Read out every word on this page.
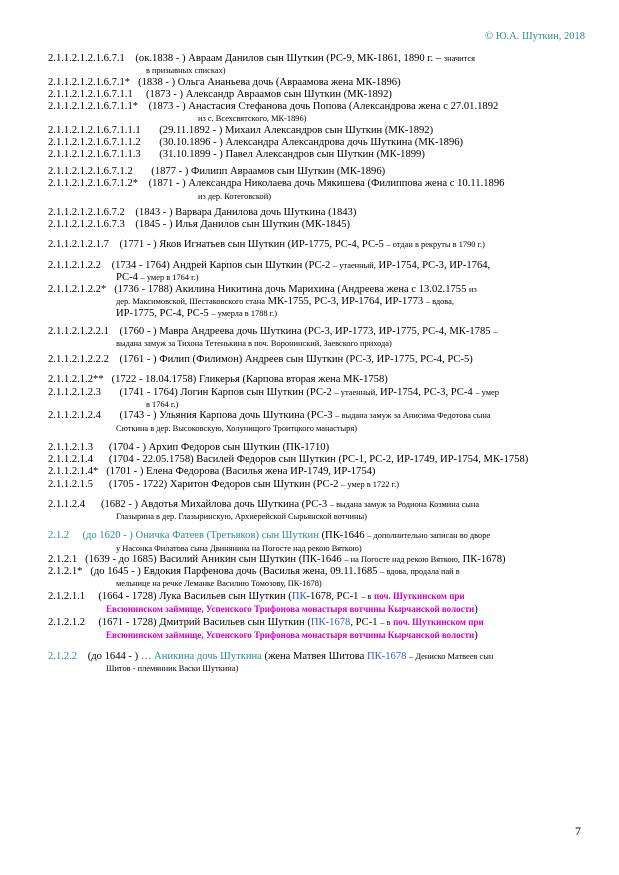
© Ю.А. Шуткин, 2018
2.1.1.2.1.2.1.6.7.1 (ок.1838 - ) Авраам Данилов сын Шуткин (РС-9, МК-1861, 1890 г. – значится
в призывных списках)
2.1.1.2.1.2.1.6.7.1* (1838 - ) Ольга Ананьева дочь (Авраамова жена МК-1896)
2.1.1.2.1.2.1.6.7.1.1 (1873 - ) Александр Авраамов сын Шуткин (МК-1892)
2.1.1.2.1.2.1.6.7.1.1* (1873 - ) Анастасия Стефанова дочь Попова (Александрова жена с 27.01.1892
из с. Всехсвятского, МК-1896)
2.1.1.2.1.2.1.6.7.1.1.1 (29.11.1892 - ) Михаил Александров сын Шуткин (МК-1892)
2.1.1.2.1.2.1.6.7.1.1.2 (30.10.1896 - ) Александра Александрова дочь Шуткина (МК-1896)
2.1.1.2.1.2.1.6.7.1.1.3 (31.10.1899 - ) Павел Александров сын Шуткин (МК-1899)
2.1.1.2.1.2.1.6.7.1.2 (1877 - ) Филипп Авраамов сын Шуткин (МК-1896)
2.1.1.2.1.2.1.6.7.1.2* (1871 - ) Александра Николаева дочь Мякишева (Филиппова жена с 10.11.1896
из дер. Котеговской)
2.1.1.2.1.2.1.6.7.2 (1843 - ) Варвара Данилова дочь Шуткина (1843)
2.1.1.2.1.2.1.6.7.3 (1845 - ) Илья Данилов сын Шуткин (МК-1845)
2.1.1.2.1.2.1.7 (1771 - ) Яков Игнатьев сын Шуткин (ИР-1775, РС-4, РС-5 – отдан в рекруты в 1790 г.)
2.1.1.2.1.2.2 (1734 - 1764) Андрей Карпов сын Шуткин (РС-2 – утаенный, ИР-1754, РС-3, ИР-1764,
РС-4 – умер в 1764 г.)
2.1.1.2.1.2.2* (1736 - 1788) Акилина Никитина дочь Марихина (Андреева жена с 13.02.1755 из
дер. Максимовской, Шестаковского стана МК-1755, РС-3, ИР-1764, ИР-1773 – вдова,
ИР-1775, РС-4, РС-5 – умерла в 1788 г.)
2.1.1.2.1.2.2.1 (1760 - ) Мавра Андреева дочь Шуткина (РС-3, ИР-1773, ИР-1775, РС-4, МК-1785 –
выдана замуж за Тихона Тетенькина в поч. Воронинский, Заевского прихода)
2.1.1.2.1.2.2.2 (1761 - ) Филип (Филимон) Андреев сын Шуткин (РС-3, ИР-1775, РС-4, РС-5)
2.1.1.2.1.2** (1722 - 18.04.1758) Гликерья (Карпова вторая жена МК-1758)
2.1.1.2.1.2.3 (1741 - 1764) Логин Карпов сын Шуткин (РС-2 – утаенный, ИР-1754, РС-3, РС-4 – умер
в 1764 г.)
2.1.1.2.1.2.4 (1743 - ) Ульяния Карпова дочь Шуткина (РС-3 – выдана замуж за Анисима Федотова сына
Сюткина в дер. Высоковскую, Холунищого Троитцкого манастыря)
2.1.1.2.1.3 (1704 - ) Архип Федоров сын Шуткин (ПК-1710)
2.1.1.2.1.4 (1704 - 22.05.1758) Василей Федоров сын Шуткин (РС-1, РС-2, ИР-1749, ИР-1754, МК-1758)
2.1.1.2.1.4* (1701 - ) Елена Федорова (Василья жена ИР-1749, ИР-1754)
2.1.1.2.1.5 (1705 - 1722) Харитон Федоров сын Шуткин (РС-2 – умер в 1722 г.)
2.1.1.2.4 (1682 - ) Авдотья Михайлова дочь Шуткина (РС-3 – выдана замуж за Родиона Козмина сына
Глазырина в дер. Глазыринскую, Архиерейской Сырьянской вотчины)
2.1.2 (до 1620 - ) Оничка Фатеев (Третьяков) сын Шуткин (ПК-1646 – дополнительно записан во дворе
у Насонка Филатова сына Двинянина на Погосте над рекою Вяткою)
2.1.2.1 (1639 - до 1685) Василий Аникин сын Шуткин (ПК-1646 – на Погосте над рекою Вяткою, ПК-1678)
2.1.2.1* (до 1645 - ) Евдокия Парфенова дочь (Василья жена, 09.11.1685 – вдова, продала пай в
мельнице на речке Леманке Василию Томозову, ПК-1678)
2.1.2.1.1 (1664 - 1728) Лука Васильев сын Шуткин (ПК-1678, РС-1 – в поч. Шуткинском при
Евсюнинском займище, Успенского Трифонова монастыря вотчины Кырчанской волости)
2.1.2.1.2 (1671 - 1728) Дмитрий Васильев сын Шуткин (ПК-1678, РС-1 – в поч. Шуткинском при
Евсюнинском займище, Успенского Трифонова монастыря вотчины Кырчанской волости)
2.1.2.2 (до 1644 - ) … Аникина дочь Шуткина (жена Матвея Шитова ПК-1678 – Дениско Матвеев сын
Шитов - племянник Васки Шуткина)
7
